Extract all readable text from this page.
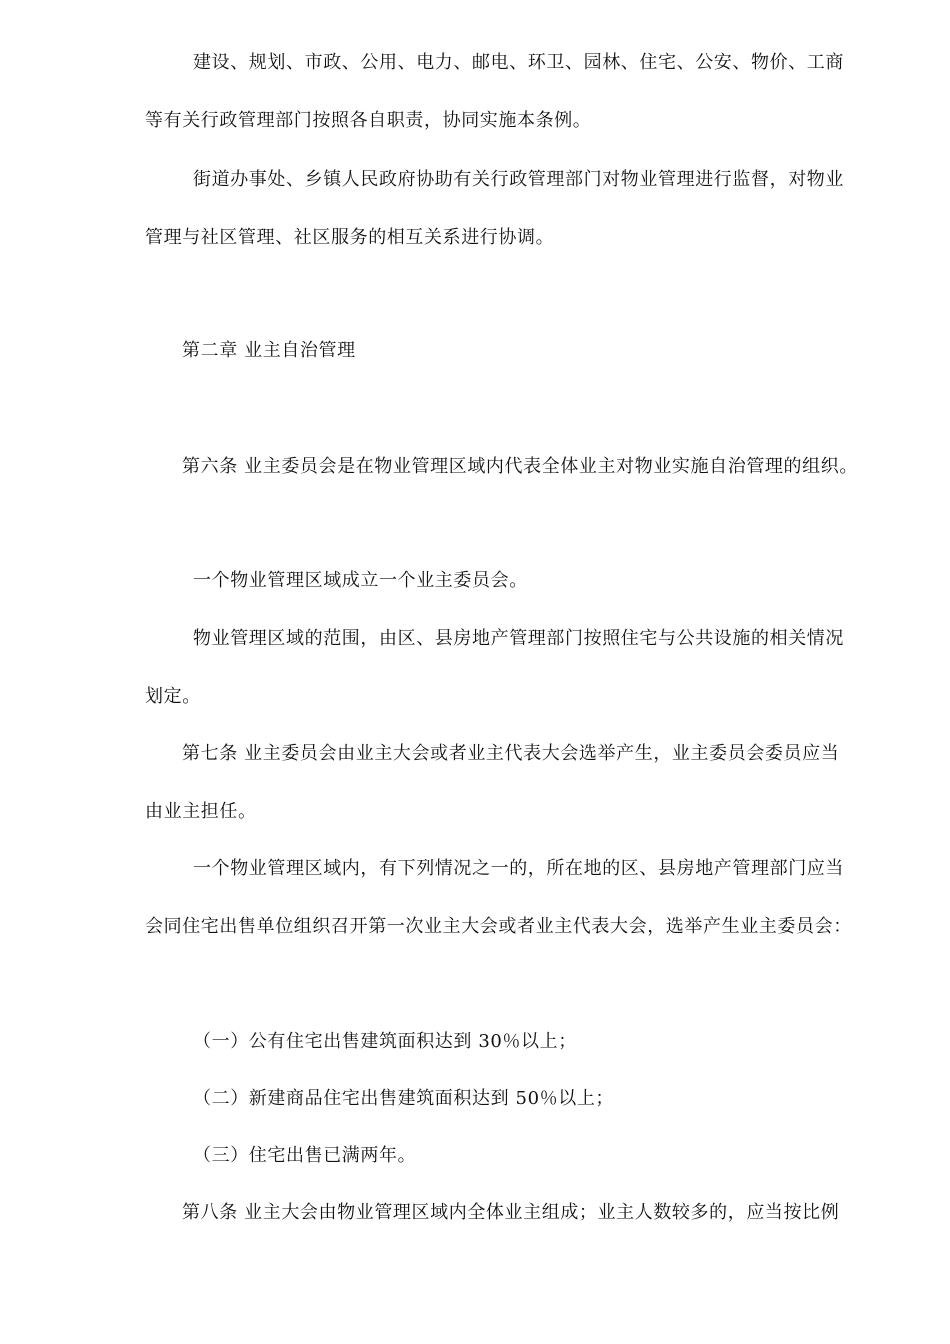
建设、规划、市政、公用、电力、邮电、环卫、园林、住宅、公安、物价、工商
等有关行政管理部门按照各自职责，协同实施本条例。
街道办事处、乡镇人民政府协助有关行政管理部门对物业管理进行监督，对物业
管理与社区管理、社区服务的相互关系进行协调。
第二章 业主自治管理
第六条 业主委员会是在物业管理区域内代表全体业主对物业实施自治管理的组织。
一个物业管理区域成立一个业主委员会。
物业管理区域的范围，由区、县房地产管理部门按照住宅与公共设施的相关情况
划定。
第七条 业主委员会由业主大会或者业主代表大会选举产生，业主委员会委员应当
由业主担任。
一个物业管理区域内，有下列情况之一的，所在地的区、县房地产管理部门应当
会同住宅出售单位组织召开第一次业主大会或者业主代表大会，选举产生业主委员会：
（一）公有住宅出售建筑面积达到 30％以上；
（二）新建商品住宅出售建筑面积达到 50％以上；
（三）住宅出售已满两年。
第八条 业主大会由物业管理区域内全体业主组成；业主人数较多的，应当按比例
